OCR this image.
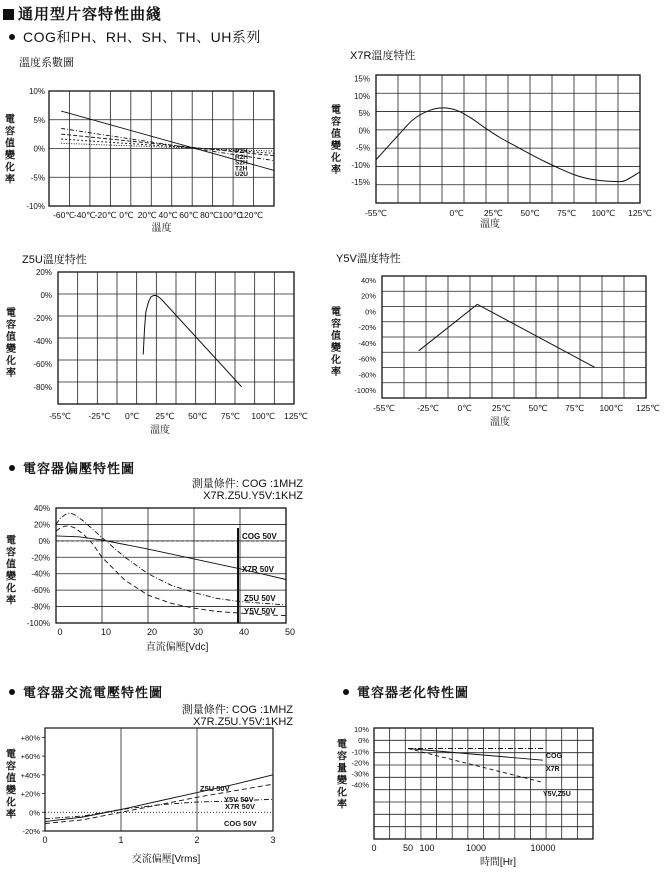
通用型片容特性曲綫
COG和PH、RH、SH、TH、UH系列
溫度系數圖
X7R溫度特性
Z5U溫度特性	Y5V溫度特性
電容器偏壓特性圖
測量條件: COG :1MHZ
X7R.Z5U.Y5V:1KHZ
電容器交流電壓特性圖
測量條件: COG :1MHZ
X7R.Z5U.Y5V:1KHZ
電容器老化特性圖
10%
5%
0%
-5%
-10%
-60℃
-40℃
-20℃ 0℃ 20℃ 40℃ 60℃ 80℃ 100℃
120℃
溫度
電
容
值
變
化
率
P2H
R2H
S2H
T2H
U2U
15%
10%
5%
0%
-5%
-10%
-15%
-55℃	0℃ 25℃ 50℃ 75℃ 100℃ 125℃
溫度
電
容
值
變
化
率
20%
0%
-20%
-40%
-60%
-80%
-55℃ -25℃ 0℃ 25℃ 50℃ 75℃ 100℃ 125℃
溫度
電
容
值
變
化
率
40%
20%
0%
-20%
-40%
-60%
-80%
-100%
-55℃	-25℃ 0℃ 25℃ 50℃ 75℃ 100℃ 125℃
溫度
電
容
值
變
化
率
40%
20%
0%
-20%
-40%
-60%
-80%
-100%
0	10	20	30	40	50
直流偏壓[Vdc]
電
容
值
變
化
率
COG 50V
X7R 50V
Z5U 50V
Y5V 50V
+80%
+60%
+40%
+20%
0%
-20%
0	1	2	3
交流偏壓[Vrms]
電
容
值
變
化
率
Z5U 50V
Y5V 50V
X7R 50V
COG 50V
10%
0%
-10%
-20%
-30%
-40%
0	50 100	1000	10000
時間[Hr]
電
容
量
變
化
率
COG
X7R
Y5V,Z5U
